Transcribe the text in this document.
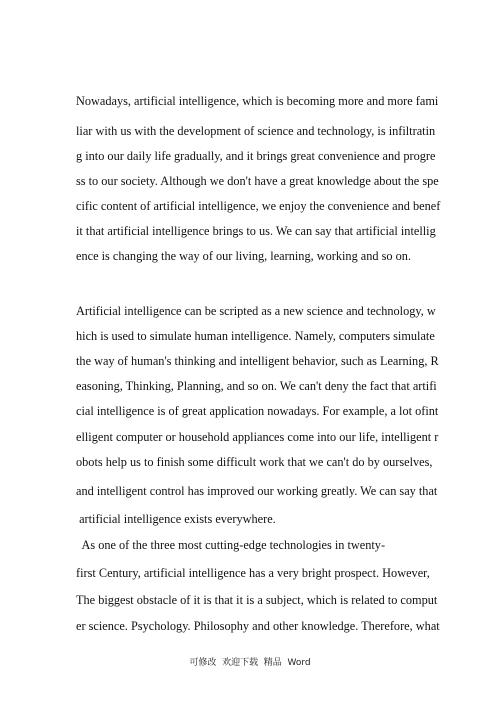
Nowadays, artificial intelligence, which is becoming more and more fami
liar with us with the development of science and technology, is infiltratin
g into our daily life gradually, and it brings great convenience and progre
ss to our society. Although we don't have a great knowledge about the spe
cific content of artificial intelligence, we enjoy the convenience and benef
it that artificial intelligence brings to us. We can say that artificial intellig
ence is changing the way of our living, learning, working and so on.
Artificial intelligence can be scripted as a new science and technology, w
hich is used to simulate human intelligence. Namely, computers simulate
the way of human's thinking and intelligent behavior, such as Learning, R
easoning, Thinking, Planning, and so on. We can't deny the fact that artifi
cial intelligence is of great application nowadays. For example, a lot ofint
elligent computer or household appliances come into our life, intelligent r
obots help us to finish some difficult work that we can't do by ourselves,
and intelligent control has improved our working greatly. We can say that
artificial intelligence exists everywhere.
As one of the three most cutting-edge technologies in twenty-
first Century, artificial intelligence has a very bright prospect. However,
The biggest obstacle of it is that it is a subject, which is related to comput
er science. Psychology. Philosophy and other knowledge. Therefore, what
可修改  欢迎下载  精品  Word
